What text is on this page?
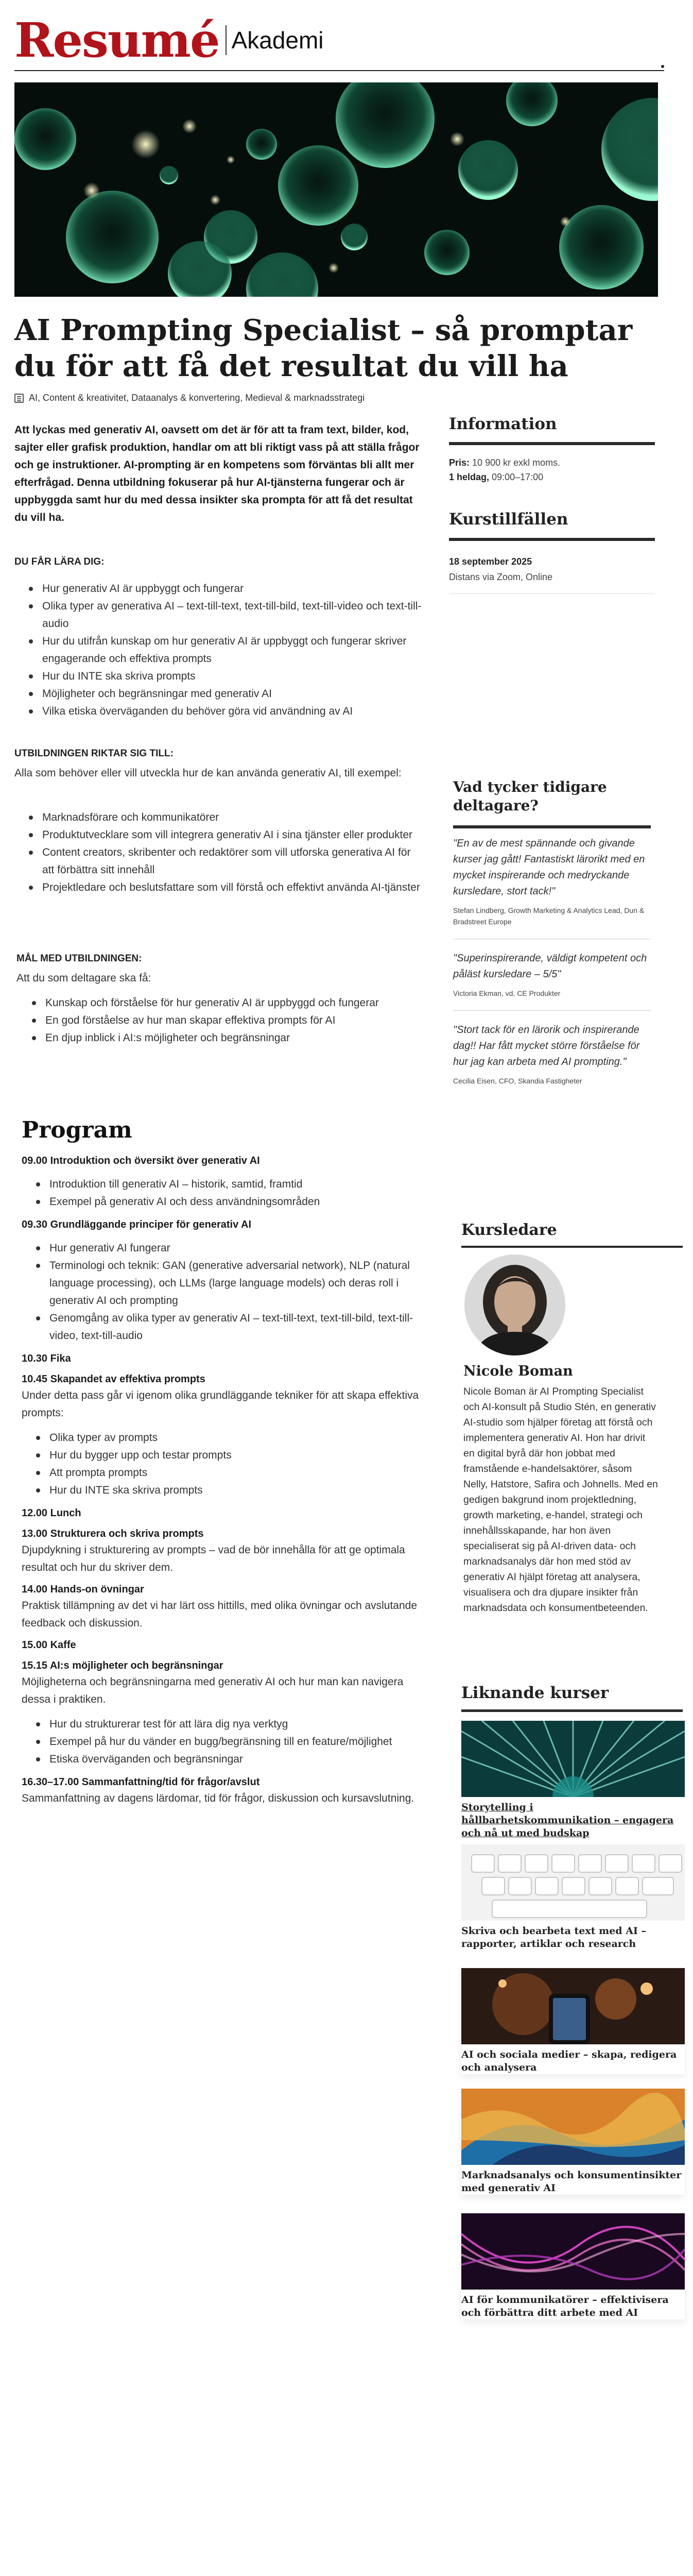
Resumé Akademi
AI Prompting Specialist – så promptar du för att få det resultat du vill ha
AI, Content & kreativitet, Dataanalys & konvertering, Medieval & marknadsstrategi

Att lyckas med generativ AI, oavsett om det är för att ta fram text, bilder, kod, sajter eller grafisk produktion, handlar om att bli riktigt vass på att ställa frågor och ge instruktioner. AI-prompting är en kompetens som förväntas bli allt mer efterfrågad. Denna utbildning fokuserar på hur AI-tjänsterna fungerar och är uppbyggda samt hur du med dessa insikter ska prompta för att få det resultat du vill ha.

DU FÅR LÄRA DIG:
Hur generativ AI är uppbyggt och fungerar
Olika typer av generativa AI – text-till-text, text-till-bild, text-till-video och text-till-audio
Hur du utifrån kunskap om hur generativ AI är uppbyggt och fungerar skriver engagerande och effektiva prompts
Hur du INTE ska skriva prompts
Möjligheter och begränsningar med generativ AI
Vilka etiska överväganden du behöver göra vid användning av AI
UTBILDNINGEN RIKTAR SIG TILL:

Alla som behöver eller vill utveckla hur de kan använda generativ AI, till exempel:

Marknadsförare och kommunikatörer
Produktutvecklare som vill integrera generativ AI i sina tjänster eller produkter
Content creators, skribenter och redaktörer som vill utforska generativa AI för att förbättra sitt innehåll
Projektledare och beslutsfattare som vill förstå och effektivt använda AI-tjänster
MÅL MED UTBILDNINGEN:

Att du som deltagare ska få:

Kunskap och förståelse för hur generativ AI är uppbyggd och fungerar
En god förståelse av hur man skapar effektiva prompts för AI
En djup inblick i AI:s möjligheter och begränsningar
Program
09.00 Introduktion och översikt över generativ AI
Introduktion till generativ AI – historik, samtid, framtid
Exempel på generativ AI och dess användningsområden
09.30 Grundläggande principer för generativ AI
Hur generativ AI fungerar
Terminologi och teknik: GAN (generative adversarial network), NLP (natural language processing), och LLMs (large language models) och deras roll i generativ AI och prompting
Genomgång av olika typer av generativ AI – text-till-text, text-till-bild, text-till-video, text-till-audio
10.30 Fika
10.45 Skapandet av effektiva prompts
Under detta pass går vi igenom olika grundläggande tekniker för att skapa effektiva prompts:
Olika typer av prompts
Hur du bygger upp och testar prompts
Att prompta prompts
Hur du INTE ska skriva prompts
12.00 Lunch
13.00 Strukturera och skriva prompts
Djupdykning i strukturering av prompts – vad de bör innehålla för att ge optimala resultat och hur du skriver dem.
14.00 Hands-on övningar
Praktisk tillämpning av det vi har lärt oss hittills, med olika övningar och avslutande feedback och diskussion.
15.00 Kaffe
15.15 AI:s möjligheter och begränsningar
Möjligheterna och begränsningarna med generativ AI och hur man kan navigera dessa i praktiken.
Hur du strukturerar test för att lära dig nya verktyg
Exempel på hur du vänder en bugg/begränsning till en feature/möjlighet
Etiska överväganden och begränsningar
16.30–17.00 Sammanfattning/tid för frågor/avslut
Sammanfattning av dagens lärdomar, tid för frågor, diskussion och kursavslutning.
Information
Pris: 10 900 kr exkl moms.
1 heldag, 09:00–17:00
Kurstillfällen
18 september 2025
Distans via Zoom, Online
Vad tycker tidigare deltagare?

"En av de mest spännande och givande kurser jag gått! Fantastiskt lärorikt med en mycket inspirerande och medryckande kursledare, stort tack!"

Stefan Lindberg, Growth Marketing & Analytics Lead, Dun & Bradstreet Europe

"Superinspirerande, väldigt kompetent och påläst kursledare – 5/5"

Victoria Ekman, vd, CE Produkter

"Stort tack för en lärorik och inspirerande dag!! Har fått mycket större förståelse för hur jag kan arbeta med AI prompting."

Cecilia Eisen, CFO, Skandia Fastigheter

Kursledare
Nicole Boman

Nicole Boman är AI Prompting Specialist och AI-konsult på Studio Stén, en generativ AI-studio som hjälper företag att förstå och implementera generativ AI. Hon har drivit en digital byrå där hon jobbat med framstående e-handelsaktörer, såsom Nelly, Hatstore, Safira och Johnells. Med en gedigen bakgrund inom projektledning, growth marketing, e-handel, strategi och innehållsskapande, har hon även specialiserat sig på AI-driven data- och marknadsanalys där hon med stöd av generativ AI hjälpt företag att analysera, visualisera och dra djupare insikter från marknadsdata och konsumentbeteenden.

Liknande kurser
Storytelling i hållbarhetskommunikation – engagera och nå ut med budskap
Skriva och bearbeta text med AI – rapporter, artiklar och research
AI och sociala medier – skapa, redigera och analysera
Marknadsanalys och konsumentinsikter med generativ AI
AI för kommunikatörer – effektivisera och förbättra ditt arbete med AI
